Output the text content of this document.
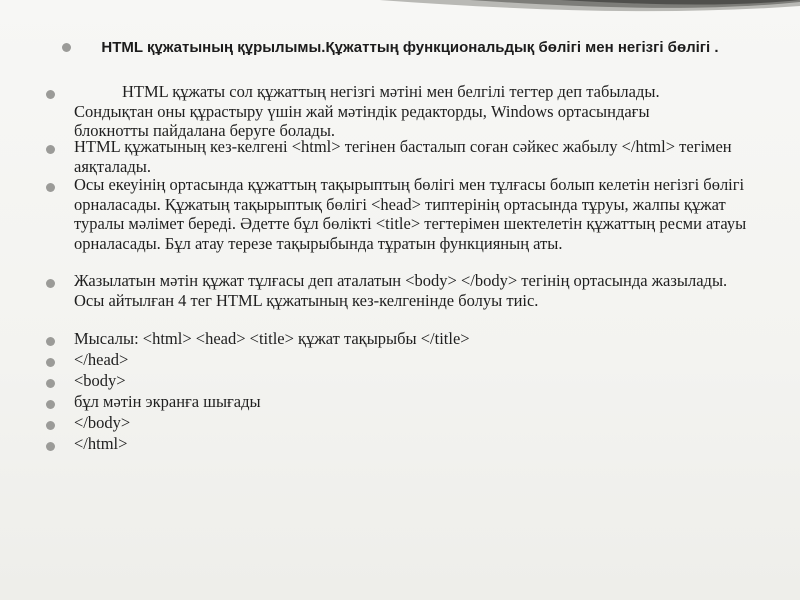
HTML құжатының құрылымы.Құжаттың функциональдық бөлігі мен негізгі бөлігі .
HTML құжаты сол құжаттың негізгі мәтіні мен белгілі тегтер деп табылады. Сондықтан оны құрастыру үшін жай мәтіндік редакторды, Windows ортасындағы блокнотты пайдалана беруге болады.
HTML құжатының кез-келгені <html> тегінен басталып соған сәйкес жабылу </html> тегімен аяқталады.
Осы екеуінің ортасында құжаттың тақырыптың бөлігі мен тұлғасы болып келетін негізгі бөлігі орналасады. Құжатың тақырыптық бөлігі <head> типтерінің ортасында тұруы, жалпы құжат туралы мәлімет береді. Әдетте бұл бөлікті <title> тегтерімен шектелетін құжаттың ресми атауы орналасады. Бұл атау терезе тақырыбында тұратын функцияның аты.
Жазылатын мәтін құжат тұлғасы деп аталатын <body> </body> тегінің ортасында жазылады. Осы айтылған 4 тег HTML құжатының кез-келгенінде болуы тиіс.
Мысалы: <html> <head> <title> құжат тақырыбы </title>
</head>
<body>
бұл мәтін экранға шығады
</body>
</html>
